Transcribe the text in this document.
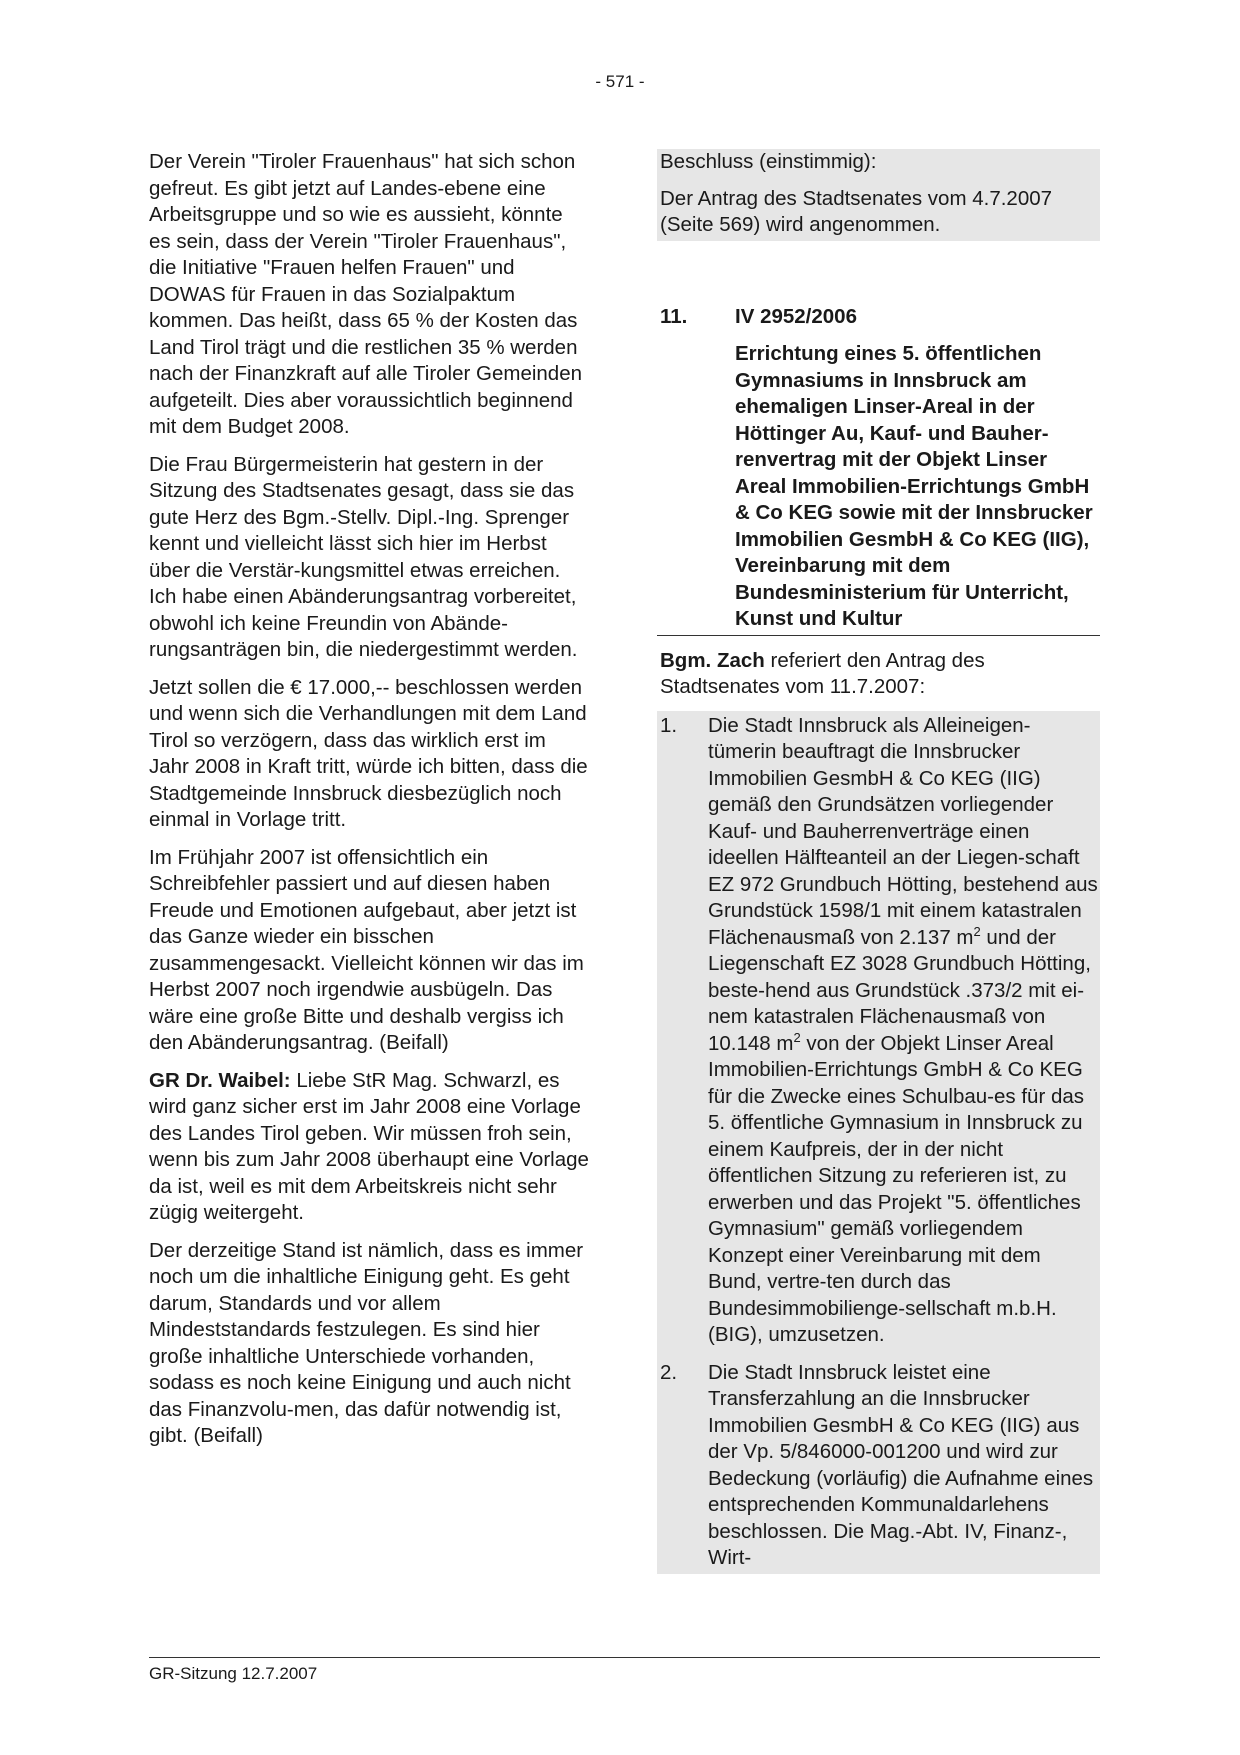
- 571 -

Der Verein "Tiroler Frauenhaus" hat sich schon gefreut. Es gibt jetzt auf Landes-ebene eine Arbeitsgruppe und so wie es aussieht, könnte es sein, dass der Verein "Tiroler Frauenhaus", die Initiative "Frauen helfen Frauen" und DOWAS für Frauen in das Sozialpaktum kommen. Das heißt, dass 65 % der Kosten das Land Tirol trägt und die restlichen 35 % werden nach der Finanzkraft auf alle Tiroler Gemeinden aufgeteilt. Dies aber voraussichtlich beginnend mit dem Budget 2008.

Die Frau Bürgermeisterin hat gestern in der Sitzung des Stadtsenates gesagt, dass sie das gute Herz des Bgm.-Stellv. Dipl.-Ing. Sprenger kennt und vielleicht lässt sich hier im Herbst über die Verstär-kungsmittel etwas erreichen. Ich habe einen Abänderungsantrag vorbereitet, obwohl ich keine Freundin von Abände-rungsanträgen bin, die niedergestimmt werden.

Jetzt sollen die € 17.000,-- beschlossen werden und wenn sich die Verhandlungen mit dem Land Tirol so verzögern, dass das wirklich erst im Jahr 2008 in Kraft tritt, würde ich bitten, dass die Stadtgemeinde Innsbruck diesbezüglich noch einmal in Vorlage tritt.

Im Frühjahr 2007 ist offensichtlich ein Schreibfehler passiert und auf diesen haben Freude und Emotionen aufgebaut, aber jetzt ist das Ganze wieder ein bisschen zusammengesackt. Vielleicht können wir das im Herbst 2007 noch irgendwie ausbügeln. Das wäre eine große Bitte und deshalb vergiss ich den Abänderungsantrag. (Beifall)

GR Dr. Waibel: Liebe StR Mag. Schwarzl, es wird ganz sicher erst im Jahr 2008 eine Vorlage des Landes Tirol geben. Wir müssen froh sein, wenn bis zum Jahr 2008 überhaupt eine Vorlage da ist, weil es mit dem Arbeitskreis nicht sehr zügig weitergeht.

Der derzeitige Stand ist nämlich, dass es immer noch um die inhaltliche Einigung geht. Es geht darum, Standards und vor allem Mindeststandards festzulegen. Es sind hier große inhaltliche Unterschiede vorhanden, sodass es noch keine Einigung und auch nicht das Finanzvolu-men, das dafür notwendig ist, gibt. (Beifall)

Beschluss (einstimmig):

Der Antrag des Stadtsenates vom 4.7.2007 (Seite 569) wird angenommen.

11.	IV 2952/2006
Errichtung eines 5. öffentlichen Gymnasiums in Innsbruck am ehemaligen Linser-Areal in der Höttinger Au, Kauf- und Bauher-renvertrag mit der Objekt Linser Areal Immobilien-Errichtungs GmbH & Co KEG sowie mit der Innsbrucker Immobilien GesmbH & Co KEG (IIG), Vereinbarung mit dem Bundesministerium für Unterricht, Kunst und Kultur
Bgm. Zach referiert den Antrag des Stadtsenates vom 11.7.2007:
1.	Die Stadt Innsbruck als Alleineigen-tümerin beauftragt die Innsbrucker Immobilien GesmbH & Co KEG (IIG) gemäß den Grundsätzen vorliegender Kauf- und Bauherrenverträge einen ideellen Hälfteanteil an der Liegen-schaft EZ 972 Grundbuch Hötting, bestehend aus Grundstück 1598/1 mit einem katastralen Flächenausmaß von 2.137 $m^2$ und der Liegenschaft EZ 3028 Grundbuch Hötting, beste-hend aus Grundstück .373/2 mit ei-nem katastralen Flächenausmaß von 10.148 $m^2$ von der Objekt Linser Areal Immobilien-Errichtungs GmbH & Co KEG für die Zwecke eines Schulbau-es für das 5. öffentliche Gymnasium in Innsbruck zu einem Kaufpreis, der in der nicht öffentlichen Sitzung zu referieren ist, zu erwerben und das Projekt "5. öffentliches Gymnasium" gemäß vorliegendem Konzept einer Vereinbarung mit dem Bund, vertre-ten durch das Bundesimmobilienge-sellschaft m.b.H. (BIG), umzusetzen.
2.	Die Stadt Innsbruck leistet eine Transferzahlung an die Innsbrucker Immobilien GesmbH & Co KEG (IIG) aus der Vp. 5/846000-001200 und wird zur Bedeckung (vorläufig) die Aufnahme eines entsprechenden Kommunaldarlehens beschlossen. Die Mag.-Abt. IV, Finanz-, Wirt-
GR-Sitzung 12.7.2007
